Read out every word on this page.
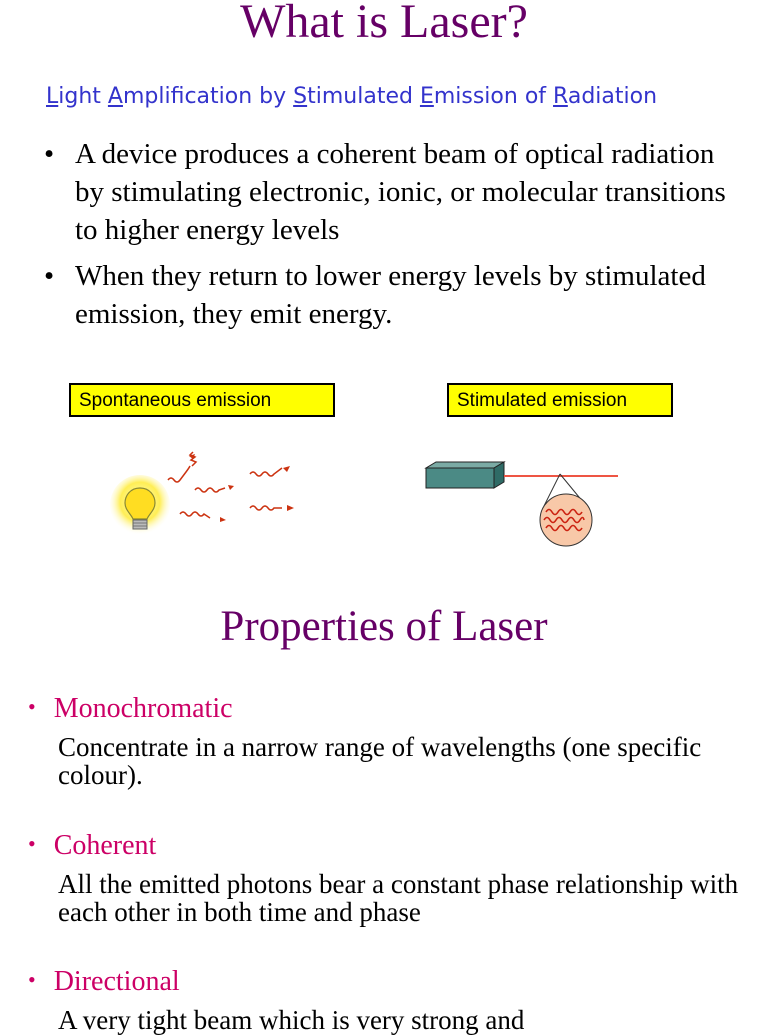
What is Laser?
Light Amplification by Stimulated Emission of Radiation
• A device produces a coherent beam of optical radiation by stimulating electronic, ionic, or molecular transitions to higher energy levels
• When they return to lower energy levels by stimulated emission, they emit energy.
Spontaneous emission	Stimulated emission
Properties of Laser
• Monochromatic
Concentrate in a narrow range of wavelengths (one specific colour).
• Coherent
All the emitted photons bear a constant phase relationship with each other in both time and phase
• Directional
A very tight beam which is very strong and
